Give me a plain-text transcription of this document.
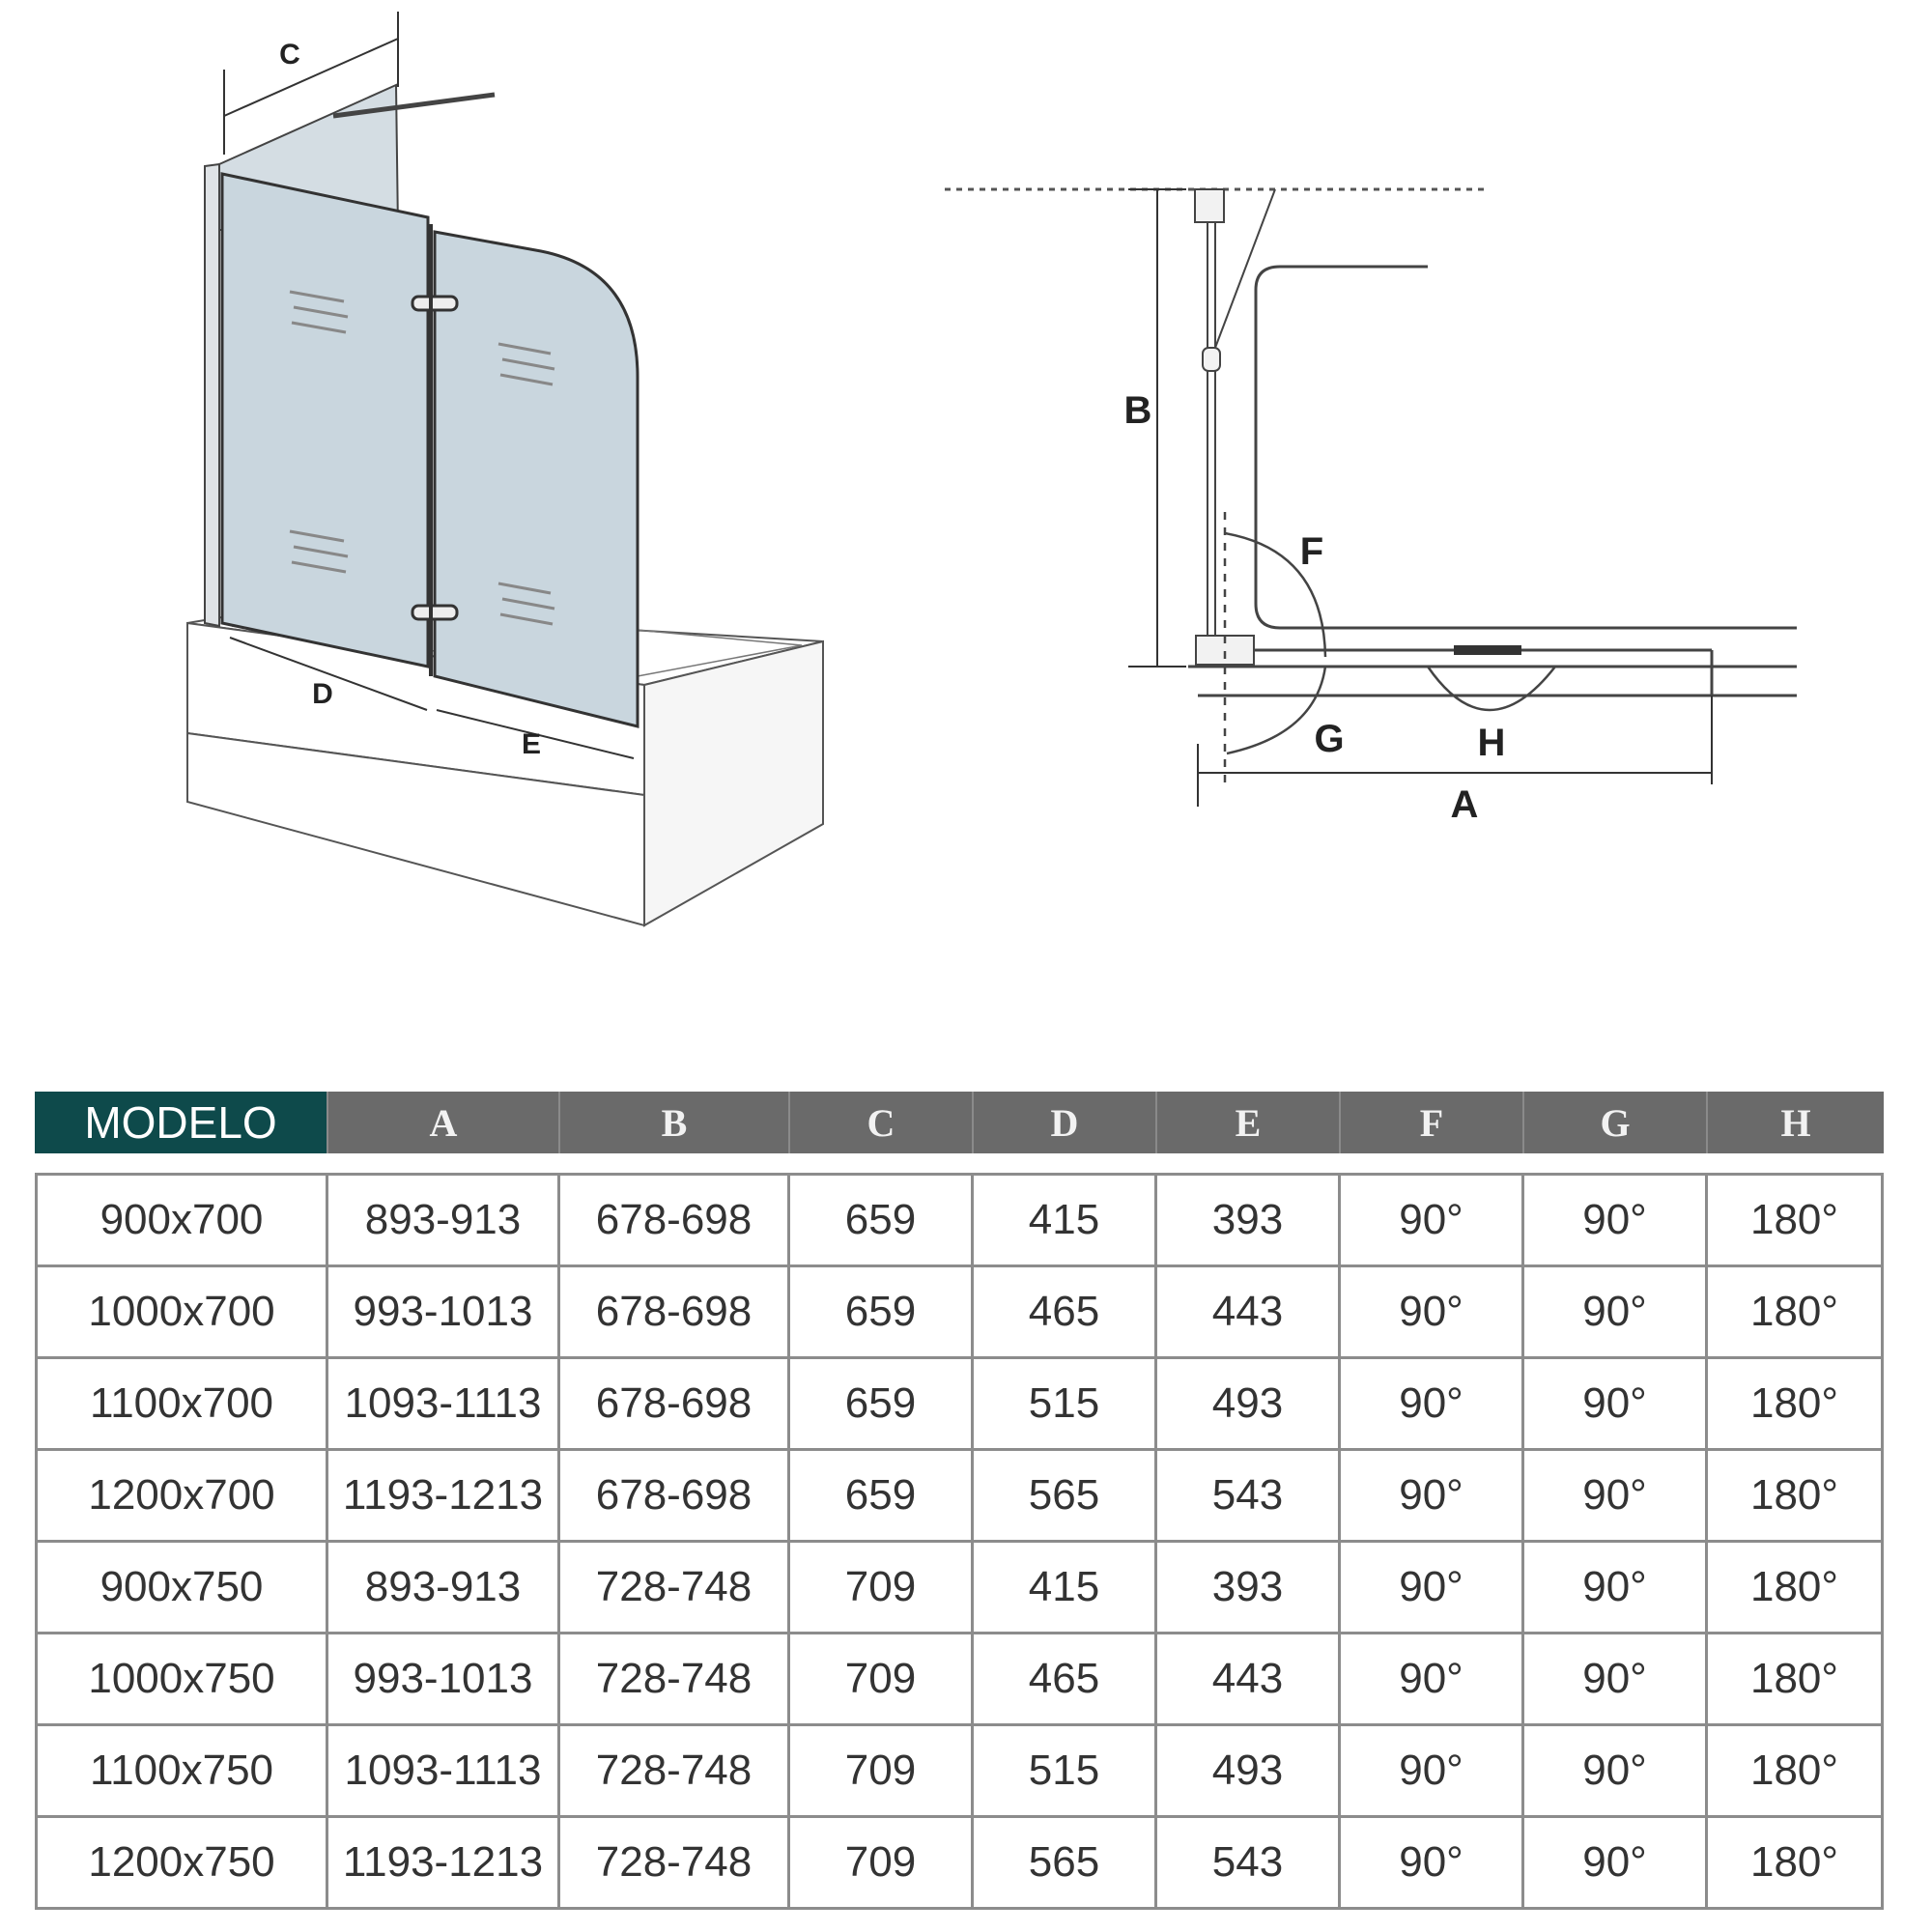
C
D
E
B
F
G	H
A
MODELO	A	B	C	D	E	F	G	H

900x700	893-913	678-698	659	415	393	90°	90°	180°
1000x700	993-1013	678-698	659	465	443	90°	90°	180°
1100x700	1093-1113	678-698	659	515	493	90°	90°	180°
1200x700	1193-1213	678-698	659	565	543	90°	90°	180°
900x750	893-913	728-748	709	415	393	90°	90°	180°
1000x750	993-1013	728-748	709	465	443	90°	90°	180°
1100x750	1093-1113	728-748	709	515	493	90°	90°	180°
1200x750	1193-1213	728-748	709	565	543	90°	90°	180°
